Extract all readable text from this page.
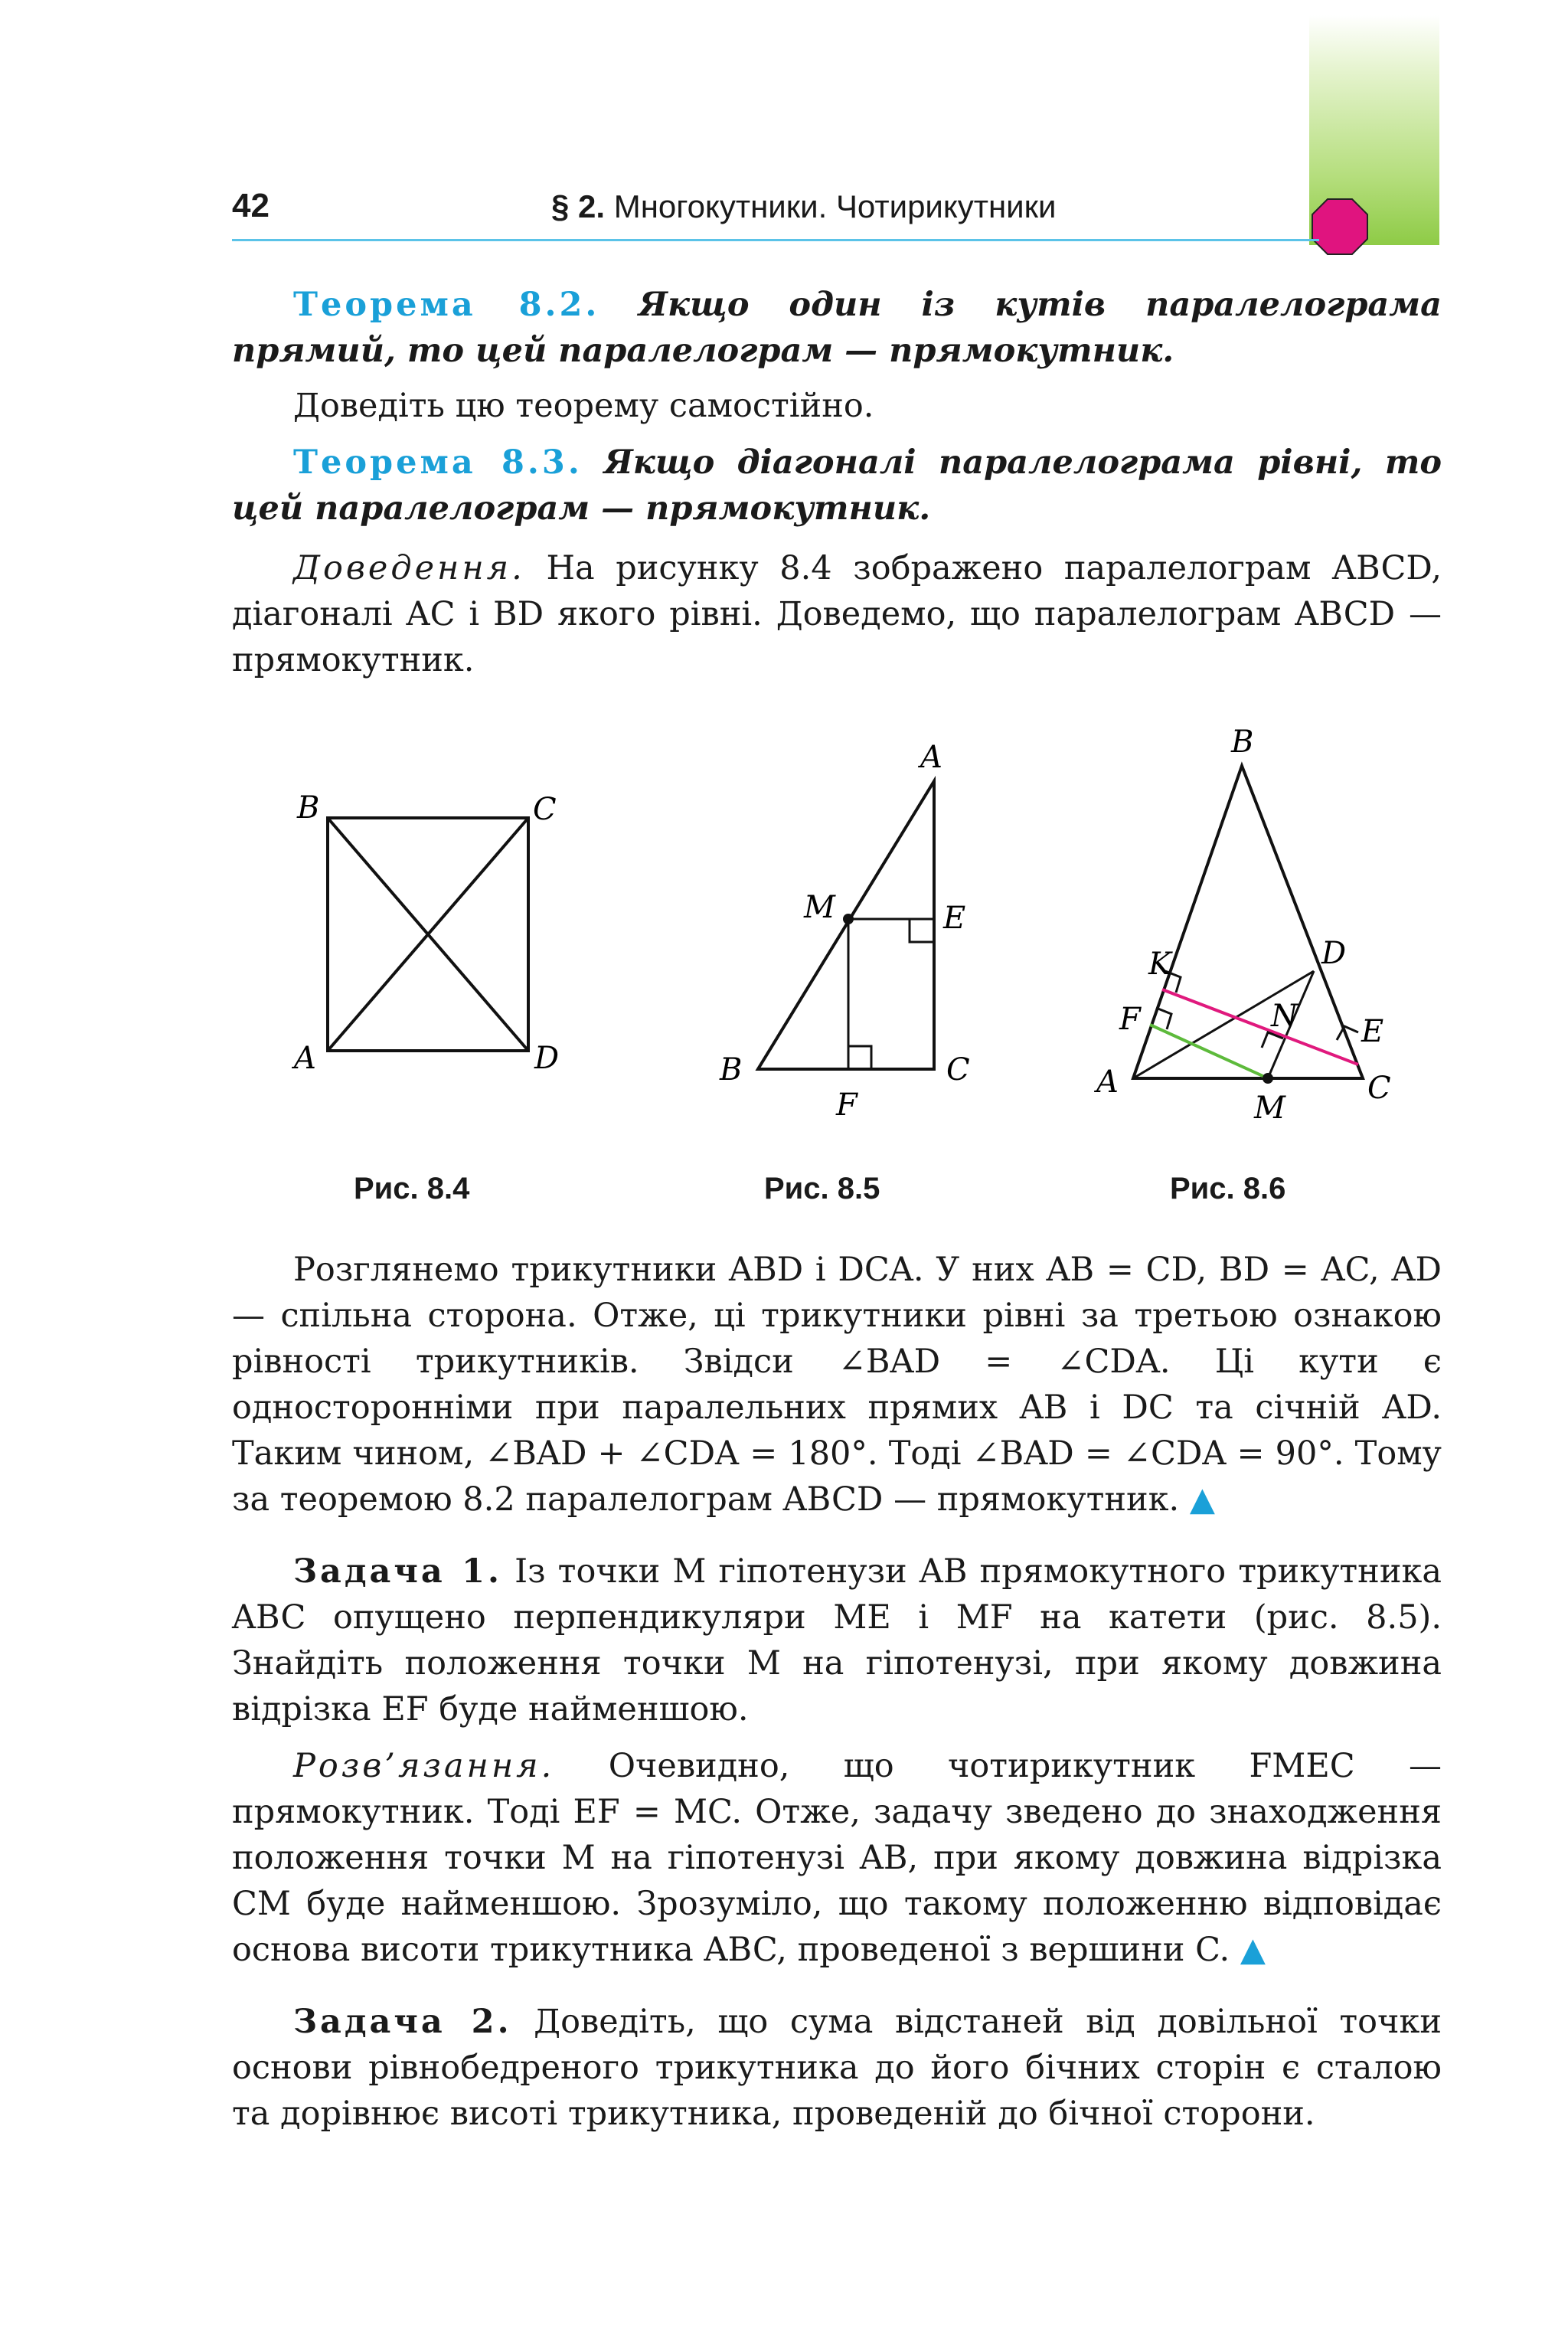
42	§ 2. Многокутники. Чотирикутники
Теорема 8.2. Якщо один із кутів паралелограма прямий, то цей паралелограм — прямокутник.
Доведіть цю теорему самостійно.
Теорема 8.3. Якщо діагоналі паралелограма рівні, то цей паралелограм — прямокутник.
Доведення. На рисунку 8.4 зображено паралелограм ABCD, діагоналі AC і BD якого рівні. Доведемо, що паралелограм ABCD — прямокутник.
B	C
A	D
A
M	E
B	C
F
B
K	D
F	N E
A	C
M
Рис. 8.4	Рис. 8.5	Рис. 8.6
Розглянемо трикутники ABD і DCA. У них AB = CD, BD = AC, AD — спільна сторона. Отже, ці трикутники рівні за третьою ознакою рівності трикутників. Звідси ∠BAD = ∠CDA. Ці кути є односторонніми при паралельних прямих AB і DC та січній AD. Таким чином, ∠BAD + ∠CDA = 180°. Тоді ∠BAD = ∠CDA = 90°. Тому за теоремою 8.2 паралелограм ABCD — прямокутник. ▲
Задача 1. Із точки M гіпотенузи AB прямокутного трикутника ABC опущено перпендикуляри ME і MF на катети (рис. 8.5). Знайдіть положення точки M на гіпотенузі, при якому довжина відрізка EF буде найменшою.
Розв’язання. Очевидно, що чотирикутник FMEC — прямокутник. Тоді EF = MC. Отже, задачу зведено до знаходження положення точки M на гіпотенузі AB, при якому довжина відрізка CM буде найменшою. Зрозуміло, що такому положенню відповідає основа висоти трикутника ABC, проведеної з вершини C. ▲
Задача 2. Доведіть, що сума відстаней від довільної точки основи рівнобедреного трикутника до його бічних сторін є сталою та дорівнює висоті трикутника, проведеній до бічної сторони.
